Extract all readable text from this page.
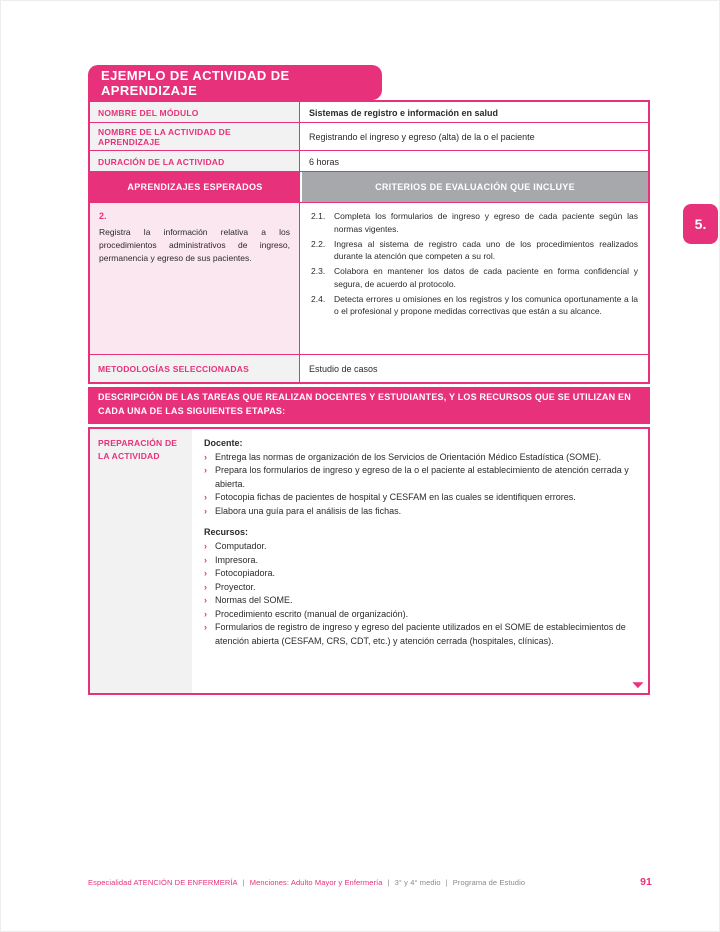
EJEMPLO DE ACTIVIDAD DE APRENDIZAJE
NOMBRE DEL MÓDULO	Sistemas de registro e información en salud
NOMBRE DE LA ACTIVIDAD DE APRENDIZAJE	Registrando el ingreso y egreso (alta) de la o el paciente
DURACIÓN DE LA ACTIVIDAD	6 horas
APRENDIZAJES ESPERADOS	CRITERIOS DE EVALUACIÓN QUE INCLUYE
2.
Registra la información relativa a los procedimientos administrativos de ingreso, permanencia y egreso de sus pacientes.
2.1.	Completa los formularios de ingreso y egreso de cada paciente según las normas vigentes.
2.2.	Ingresa al sistema de registro cada uno de los procedimientos realizados durante la atención que competen a su rol.
2.3.	Colabora en mantener los datos de cada paciente en forma confidencial y segura, de acuerdo al protocolo.
2.4.	Detecta errores u omisiones en los registros y los comunica oportunamente a la o el profesional y propone medidas correctivas que están a su alcance.
METODOLOGÍAS SELECCIONADAS	Estudio de casos
DESCRIPCIÓN DE LAS TAREAS QUE REALIZAN DOCENTES Y ESTUDIANTES, Y LOS RECURSOS QUE SE UTILIZAN EN CADA UNA DE LAS SIGUIENTES ETAPAS:
PREPARACIÓN DE LA ACTIVIDAD
Docente:
› Entrega las normas de organización de los Servicios de Orientación Médico Estadística (SOME).
› Prepara los formularios de ingreso y egreso de la o el paciente al establecimiento de atención cerrada y abierta.
› Fotocopia fichas de pacientes de hospital y CESFAM en las cuales se identifiquen errores.
› Elabora una guía para el análisis de las fichas.
Recursos:
› Computador.
› Impresora.
› Fotocopiadora.
› Proyector.
› Normas del SOME.
› Procedimiento escrito (manual de organización).
› Formularios de registro de ingreso y egreso del paciente utilizados en el SOME de establecimientos de atención abierta (CESFAM, CRS, CDT, etc.) y atención cerrada (hospitales, clínicas).
▼
5.
Especialidad ATENCIÓN DE ENFERMERÍA | Menciones: Adulto Mayor y Enfermería | 3° y 4° medio | Programa de Estudio	91
